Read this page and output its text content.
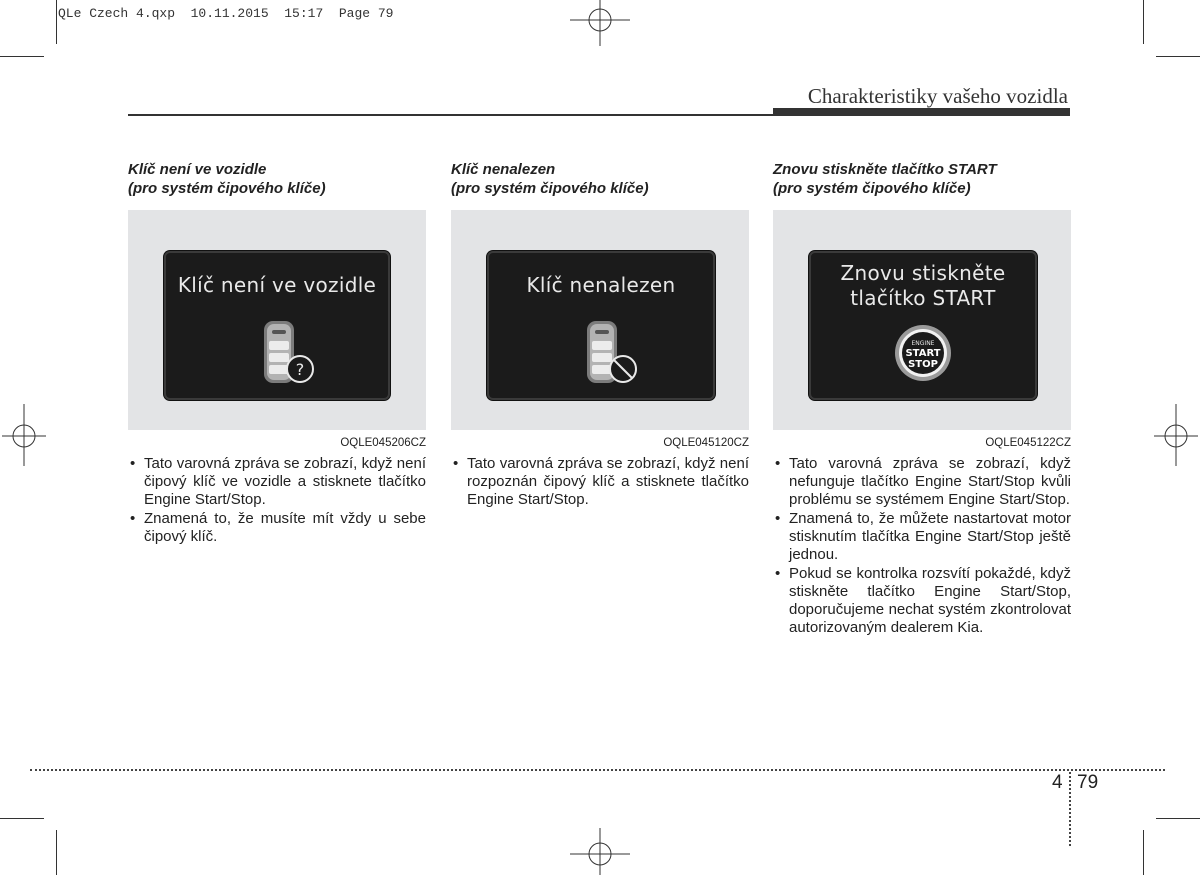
QLe Czech 4.qxp  10.11.2015  15:17  Page 79
Charakteristiky vašeho vozidla
Klíč není ve vozidle
(pro systém čipového klíče)
Klíč není ve vozidle
?
OQLE045206CZ
• Tato varovná zpráva se zobrazí, když není čipový klíč ve vozidle a stisknete tlačítko Engine Start/Stop.
• Znamená to, že musíte mít vždy u sebe čipový klíč.
Klíč nenalezen
(pro systém čipového klíče)
Klíč nenalezen
OQLE045120CZ
• Tato varovná zpráva se zobrazí, když není rozpoznán čipový klíč a stisknete tlačítko Engine Start/Stop.
Znovu stiskněte tlačítko START
(pro systém čipového klíče)
Znovu stiskněte
tlačítko START
ENGINE
START
STOP
OQLE045122CZ
• Tato varovná zpráva se zobrazí, když nefunguje tlačítko Engine Start/Stop kvůli problému se systémem Engine Start/Stop.
• Znamená to, že můžete nastartovat motor stisknutím tlačítka Engine Start/Stop ještě jednou.
• Pokud se kontrolka rozsvítí pokaždé, když stiskněte tlačítko Engine Start/Stop, doporučujeme nechat systém zkontrolovat autorizovaným dealerem Kia.
4 79
